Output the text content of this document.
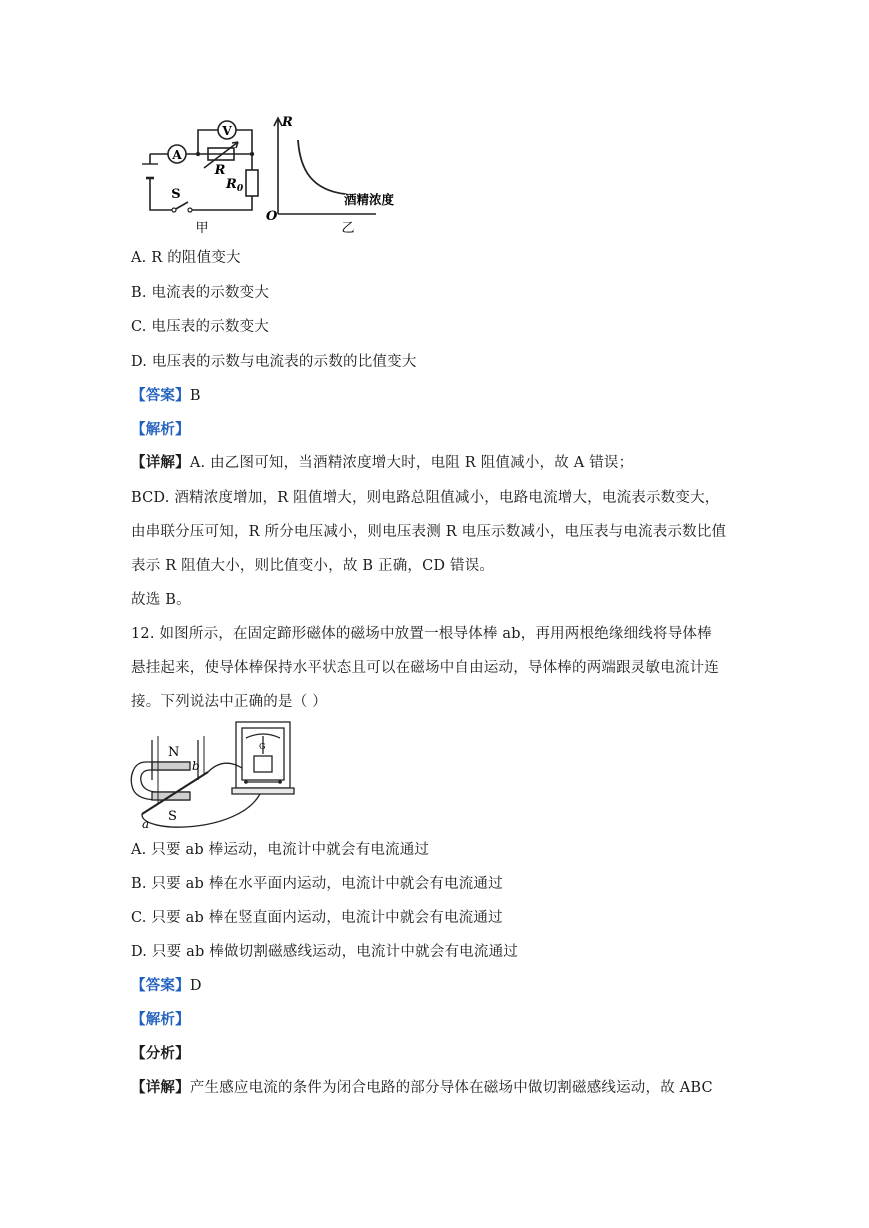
A
V
R
$R_0$
S
甲
R
O
酒精浓度
乙
A. R 的阻值变大
B. 电流表的示数变大
C. 电压表的示数变大
D. 电压表的示数与电流表的示数的比值变大
【答案】B
【解析】
【详解】A. 由乙图可知，当酒精浓度增大时，电阻 R 阻值减小，故 A 错误；
BCD. 酒精浓度增加，R 阻值增大，则电路总阻值减小，电路电流增大，电流表示数变大，
由串联分压可知，R 所分电压减小，则电压表测 R 电压示数减小，电压表与电流表示数比值
表示 R 阻值大小，则比值变小，故 B 正确，CD 错误。
故选 B。
12. 如图所示，在固定蹄形磁体的磁场中放置一根导体棒 ab，再用两根绝缘细线将导体棒
悬挂起来，使导体棒保持水平状态且可以在磁场中自由运动，导体棒的两端跟灵敏电流计连
接。下列说法中正确的是（ ）
N
S
a
b
G
A. 只要 ab 棒运动，电流计中就会有电流通过
B. 只要 ab 棒在水平面内运动，电流计中就会有电流通过
C. 只要 ab 棒在竖直面内运动，电流计中就会有电流通过
D. 只要 ab 棒做切割磁感线运动，电流计中就会有电流通过
【答案】D
【解析】
【分析】
【详解】产生感应电流的条件为闭合电路的部分导体在磁场中做切割磁感线运动，故 ABC
